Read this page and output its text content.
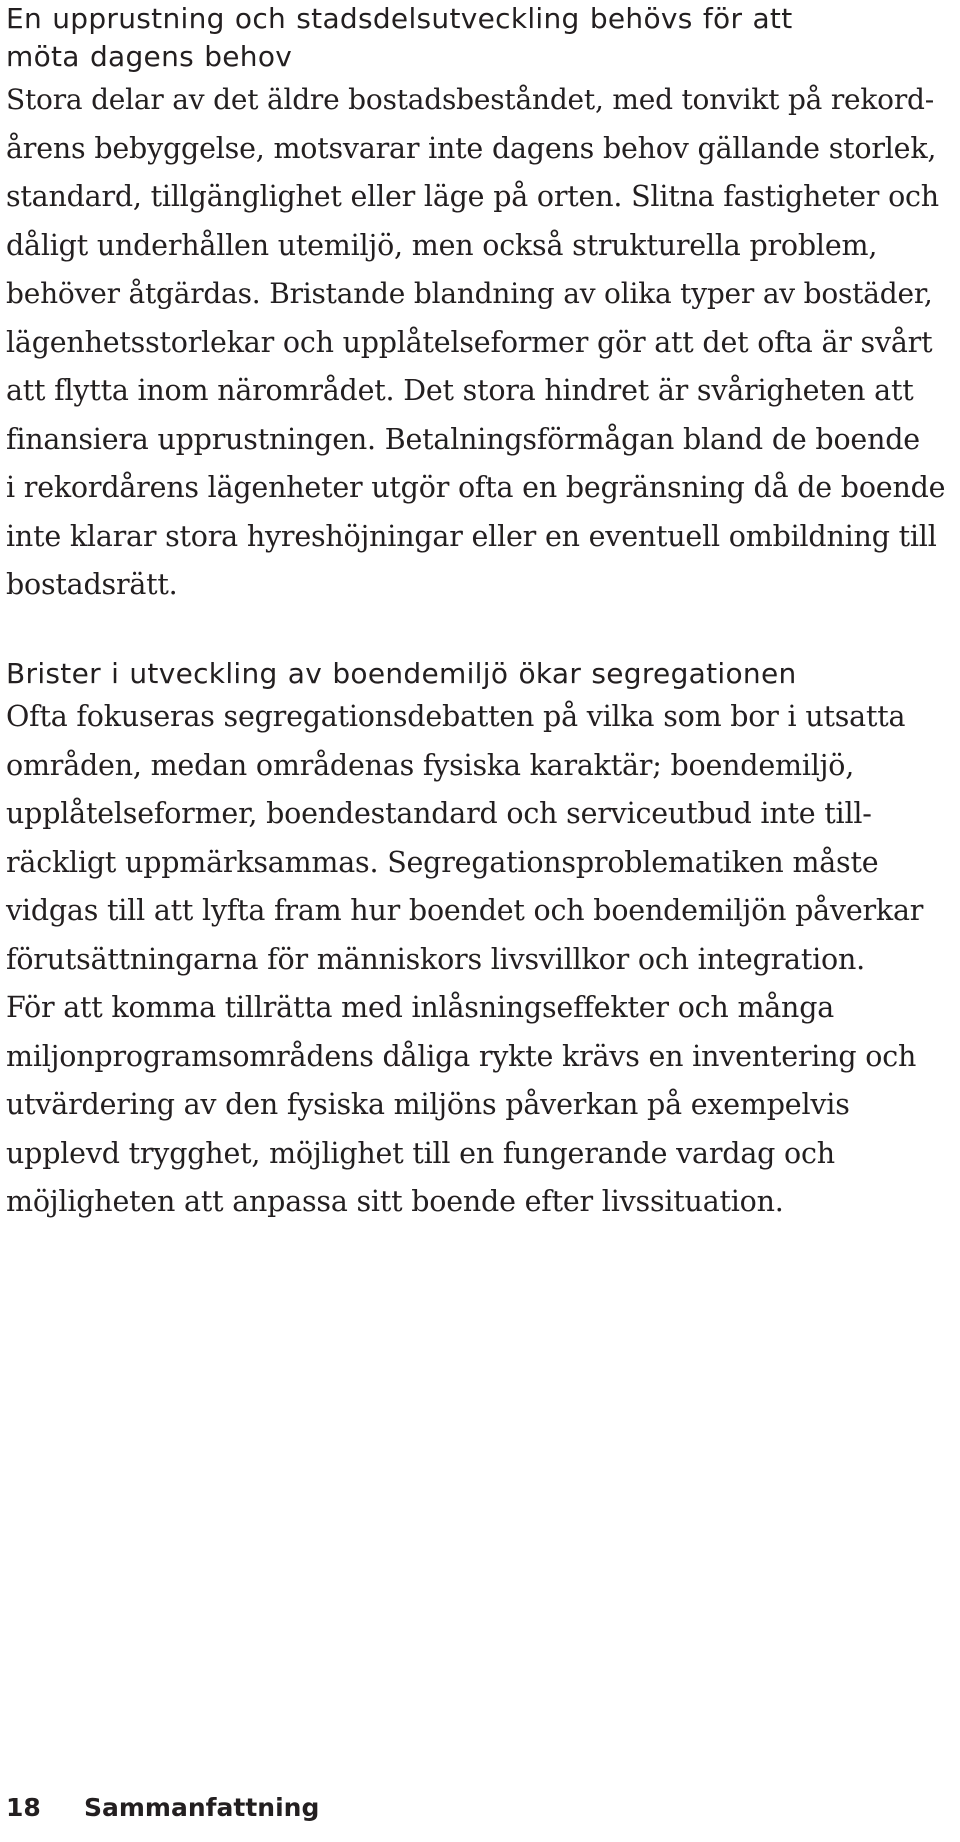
En upprustning och stadsdelsutveckling behövs för att
möta dagens behov

Stora delar av det äldre bostadsbeståndet, med tonvikt på rekord-
årens bebyggelse, motsvarar inte dagens behov gällande storlek,
standard, tillgänglighet eller läge på orten. Slitna fastigheter och
dåligt underhållen utemiljö, men också strukturella problem,
behöver åtgärdas. Bristande blandning av olika typer av bostäder,
lägenhetsstorlekar och upplåtelseformer gör att det ofta är svårt
att flytta inom närområdet. Det stora hindret är svårigheten att
finansiera upprustningen. Betalningsförmågan bland de boende
i rekordårens lägenheter utgör ofta en begränsning då de boende
inte klarar stora hyreshöjningar eller en eventuell ombildning till
bostadsrätt.

Brister i utveckling av boendemiljö ökar segregationen

Ofta fokuseras segregationsdebatten på vilka som bor i utsatta
områden, medan områdenas fysiska karaktär; boendemiljö,
upplåtelseformer, boendestandard och serviceutbud inte till-
räckligt uppmärksammas. Segregationsproblematiken måste
vidgas till att lyfta fram hur boendet och boendemiljön påverkar
förutsättningarna för människors livsvillkor och integration.
För att komma tillrätta med inlåsningseffekter och många
miljonprogramsområdens dåliga rykte krävs en inventering och
utvärdering av den fysiska miljöns påverkan på exempelvis
upplevd trygghet, möjlighet till en fungerande vardag och
möjligheten att anpassa sitt boende efter livssituation.

18 Sammanfattning
